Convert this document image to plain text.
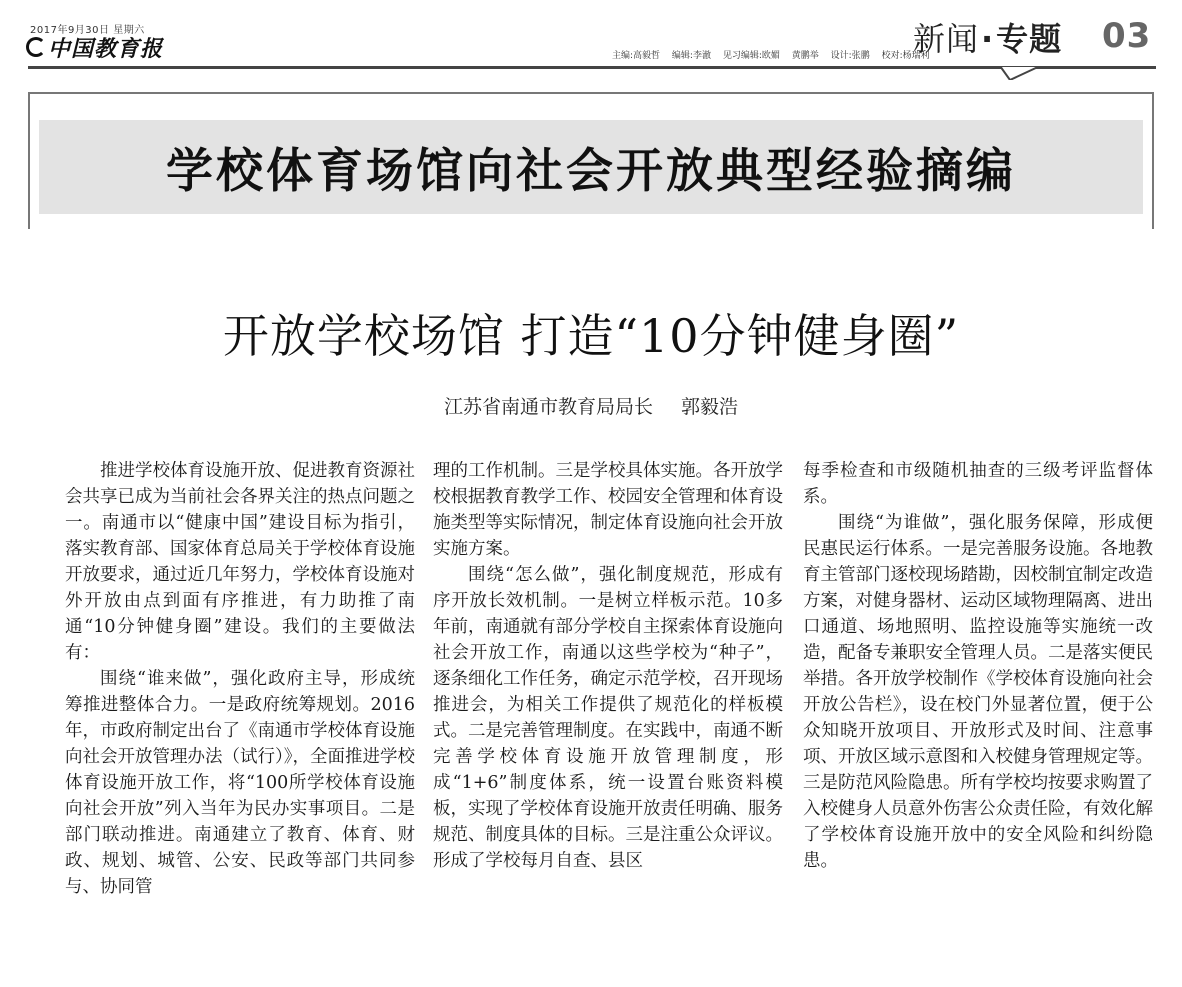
2017年9月30日 星期六
中国教育报	主编:高毅哲 编辑:李澈 见习编辑:欧媚 黄鹏举 设计:张鹏 校对:杨瑞利
新闻·专题 03
学校体育场馆向社会开放典型经验摘编
开放学校场馆 打造“10分钟健身圈”
江苏省南通市教育局局长 郭毅浩

推进学校体育设施开放、促进教育资源社会共享已成为当前社会各界关注的热点问题之一。南通市以“健康中国”建设目标为指引，落实教育部、国家体育总局关于学校体育设施开放要求，通过近几年努力，学校体育设施对外开放由点到面有序推进，有力助推了南通“10分钟健身圈”建设。我们的主要做法有：

围绕“谁来做”，强化政府主导，形成统筹推进整体合力。一是政府统筹规划。2016年，市政府制定出台了《南通市学校体育设施向社会开放管理办法（试行）》，全面推进学校体育设施开放工作，将“100所学校体育设施向社会开放”列入当年为民办实事项目。二是部门联动推进。南通建立了教育、体育、财政、规划、城管、公安、民政等部门共同参与、协同管

理的工作机制。三是学校具体实施。各开放学校根据教育教学工作、校园安全管理和体育设施类型等实际情况，制定体育设施向社会开放实施方案。

围绕“怎么做”，强化制度规范，形成有序开放长效机制。一是树立样板示范。10多年前，南通就有部分学校自主探索体育设施向社会开放工作，南通以这些学校为“种子”，逐条细化工作任务，确定示范学校，召开现场推进会，为相关工作提供了规范化的样板模式。二是完善管理制度。在实践中，南通不断完善学校体育设施开放管理制度，形成“1+6”制度体系，统一设置台账资料模板，实现了学校体育设施开放责任明确、服务规范、制度具体的目标。三是注重公众评议。形成了学校每月自查、县区

每季检查和市级随机抽查的三级考评监督体系。

围绕“为谁做”，强化服务保障，形成便民惠民运行体系。一是完善服务设施。各地教育主管部门逐校现场踏勘，因校制宜制定改造方案，对健身器材、运动区域物理隔离、进出口通道、场地照明、监控设施等实施统一改造，配备专兼职安全管理人员。二是落实便民举措。各开放学校制作《学校体育设施向社会开放公告栏》，设在校门外显著位置，便于公众知晓开放项目、开放形式及时间、注意事项、开放区域示意图和入校健身管理规定等。三是防范风险隐患。所有学校均按要求购置了入校健身人员意外伤害公众责任险，有效化解了学校体育设施开放中的安全风险和纠纷隐患。
